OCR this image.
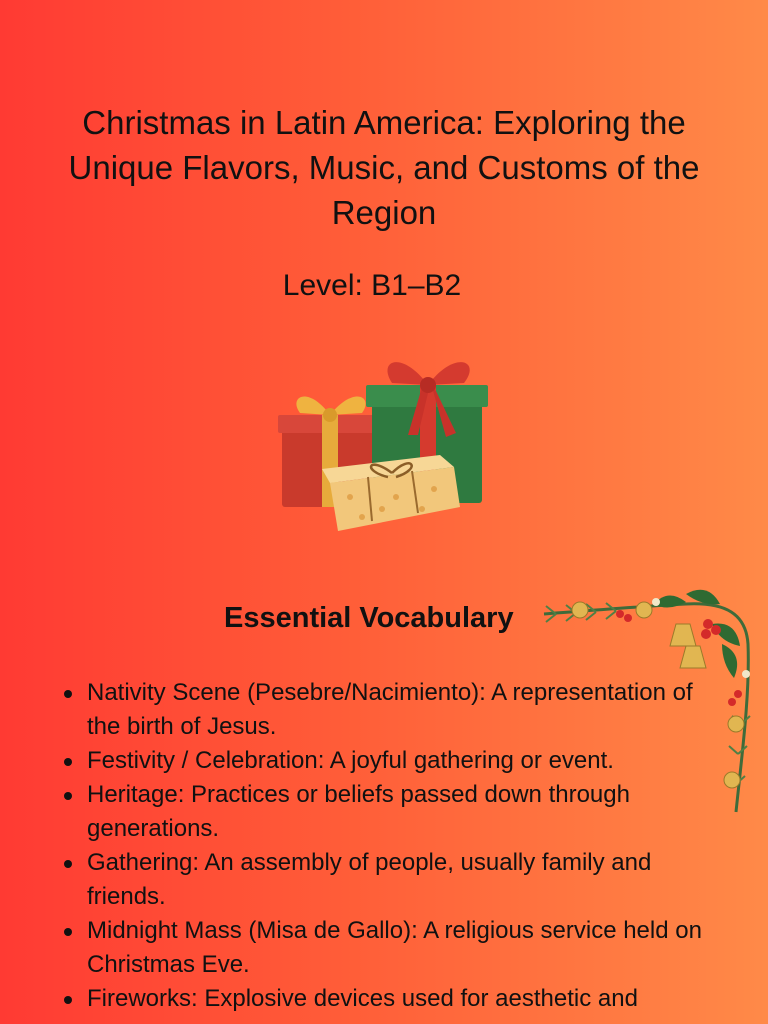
Christmas in Latin America: Exploring the Unique Flavors, Music, and Customs of the Region
Level: B1–B2
Essential Vocabulary
Nativity Scene (Pesebre/Nacimiento): A representation of the birth of Jesus.
Festivity / Celebration: A joyful gathering or event.
Heritage: Practices or beliefs passed down through generations.
Gathering: An assembly of people, usually family and friends.
Midnight Mass (Misa de Gallo): A religious service held on Christmas Eve.
Fireworks: Explosive devices used for aesthetic and
